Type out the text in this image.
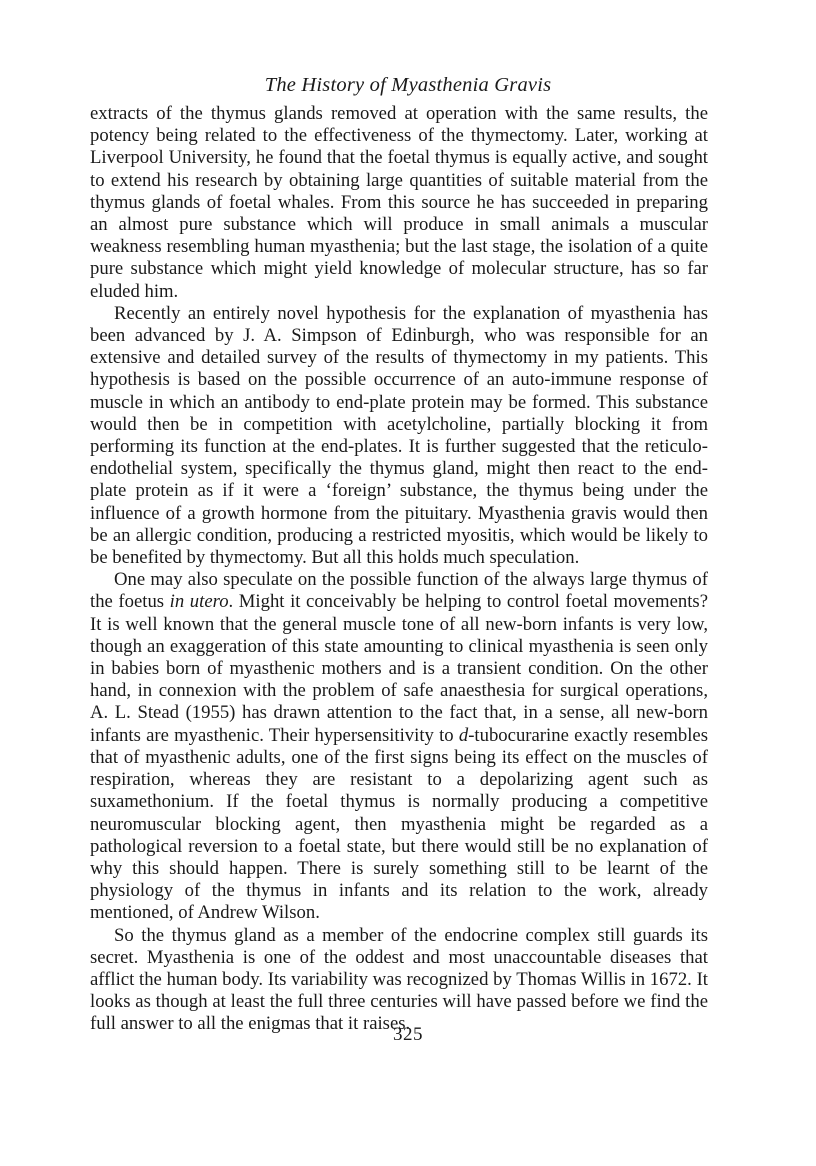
The History of Myasthenia Gravis

extracts of the thymus glands removed at operation with the same results, the potency being related to the effectiveness of the thymectomy. Later, working at Liverpool University, he found that the foetal thymus is equally active, and sought to extend his research by obtaining large quantities of suitable material from the thymus glands of foetal whales. From this source he has succeeded in preparing an almost pure substance which will produce in small animals a muscular weakness resembling human myasthenia; but the last stage, the isolation of a quite pure substance which might yield knowledge of molecular structure, has so far eluded him.

Recently an entirely novel hypothesis for the explanation of myasthenia has been advanced by J. A. Simpson of Edinburgh, who was responsible for an extensive and detailed survey of the results of thymectomy in my patients. This hypothesis is based on the possible occurrence of an auto-immune response of muscle in which an antibody to end-plate protein may be formed. This substance would then be in competition with acetylcholine, partially blocking it from performing its function at the end-plates. It is further suggested that the reticulo-endothelial system, specifically the thymus gland, might then react to the end-plate protein as if it were a ‘foreign’ substance, the thymus being under the influence of a growth hormone from the pituitary. Myasthenia gravis would then be an allergic condition, producing a restricted myositis, which would be likely to be benefited by thymectomy. But all this holds much speculation.

One may also speculate on the possible function of the always large thymus of the foetus in utero. Might it conceivably be helping to control foetal movements? It is well known that the general muscle tone of all new-born infants is very low, though an exaggeration of this state amounting to clinical myasthenia is seen only in babies born of myasthenic mothers and is a transient condition. On the other hand, in connexion with the problem of safe anaesthesia for surgical operations, A. L. Stead (1955) has drawn attention to the fact that, in a sense, all new-born infants are myasthenic. Their hypersensitivity to d-tubocurarine exactly resembles that of myasthenic adults, one of the first signs being its effect on the muscles of respiration, whereas they are resistant to a depolarizing agent such as suxamethonium. If the foetal thymus is normally producing a competitive neuromuscular blocking agent, then myasthenia might be regarded as a pathological reversion to a foetal state, but there would still be no explanation of why this should happen. There is surely something still to be learnt of the physiology of the thymus in infants and its relation to the work, already mentioned, of Andrew Wilson.

So the thymus gland as a member of the endocrine complex still guards its secret. Myasthenia is one of the oddest and most unaccountable diseases that afflict the human body. Its variability was recognized by Thomas Willis in 1672. It looks as though at least the full three centuries will have passed before we find the full answer to all the enigmas that it raises.

325
